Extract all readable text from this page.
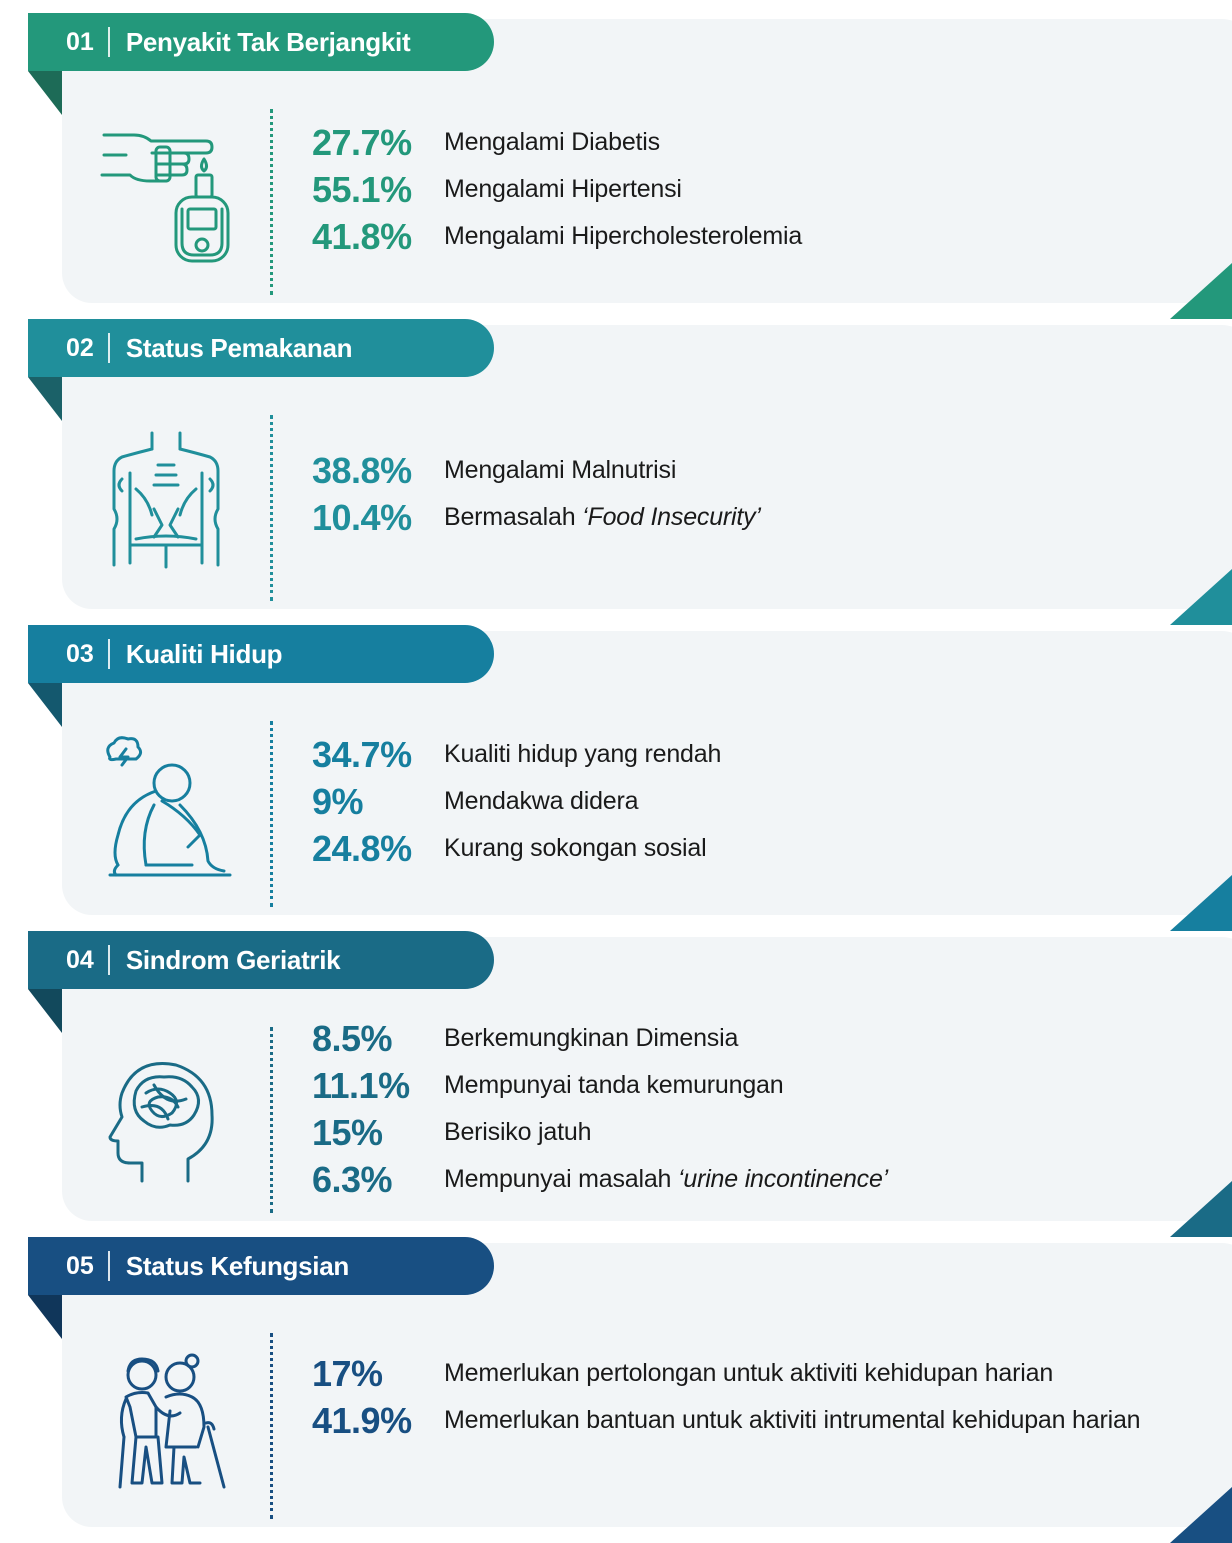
01 Penyakit Tak Berjangkit
27.7%	Mengalami Diabetis
55.1%	Mengalami Hipertensi
41.8%	Mengalami Hipercholesterolemia
02 Status Pemakanan
38.8%	Mengalami Malnutrisi
10.4%	Bermasalah ‘Food Insecurity’
03 Kualiti Hidup
34.7%	Kualiti hidup yang rendah
9%	Mendakwa didera
24.8%	Kurang sokongan sosial
04 Sindrom Geriatrik
8.5%	Berkemungkinan Dimensia
11.1%	Mempunyai tanda kemurungan
15%	Berisiko jatuh
6.3%	Mempunyai masalah ‘urine incontinence’
05 Status Kefungsian
17%	Memerlukan pertolongan untuk aktiviti kehidupan harian
41.9%	Memerlukan bantuan untuk aktiviti intrumental kehidupan harian
